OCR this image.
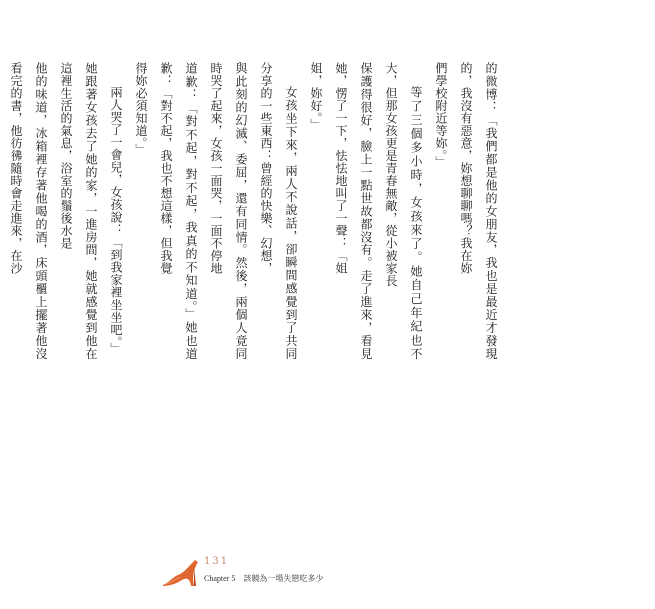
的微博：「我們都是他的女朋友，我也是最近才發現的，我沒有惡意，妳想聊聊嗎？我在妳
們學校附近等妳。」
等了三個多小時，女孩來了。她自己年紀也不大，但那女孩更是青春無敵，從小被家長
保護得很好，臉上一點世故都沒有。走了進來，看見她，愣了一下，怯怯地叫了一聲：「姐
姐，妳好。」
女孩坐下來，兩人不說話，卻瞬間感覺到了共同分享的一些東西：曾經的快樂、幻想，
與此刻的幻滅、委屈，還有同情。然後，兩個人竟同時哭了起來，女孩一面哭，一面不停地
道歉：「對不起，對不起，我真的不知道。」她也道歉：「對不起，我也不想這樣，但我覺
得妳必須知道。」
兩人哭了一會兒，女孩說：「到我家裡坐坐吧。」
她跟著女孩去了她的家，一進房間，她就感覺到他在這裡生活的氣息，浴室的鬚後水是
他的味道，冰箱裡存著他喝的酒，床頭櫃上擺著他沒看完的書，他彷彿隨時會走進來，在沙
131
Chapter 5 該競為一場失戀吃多少
